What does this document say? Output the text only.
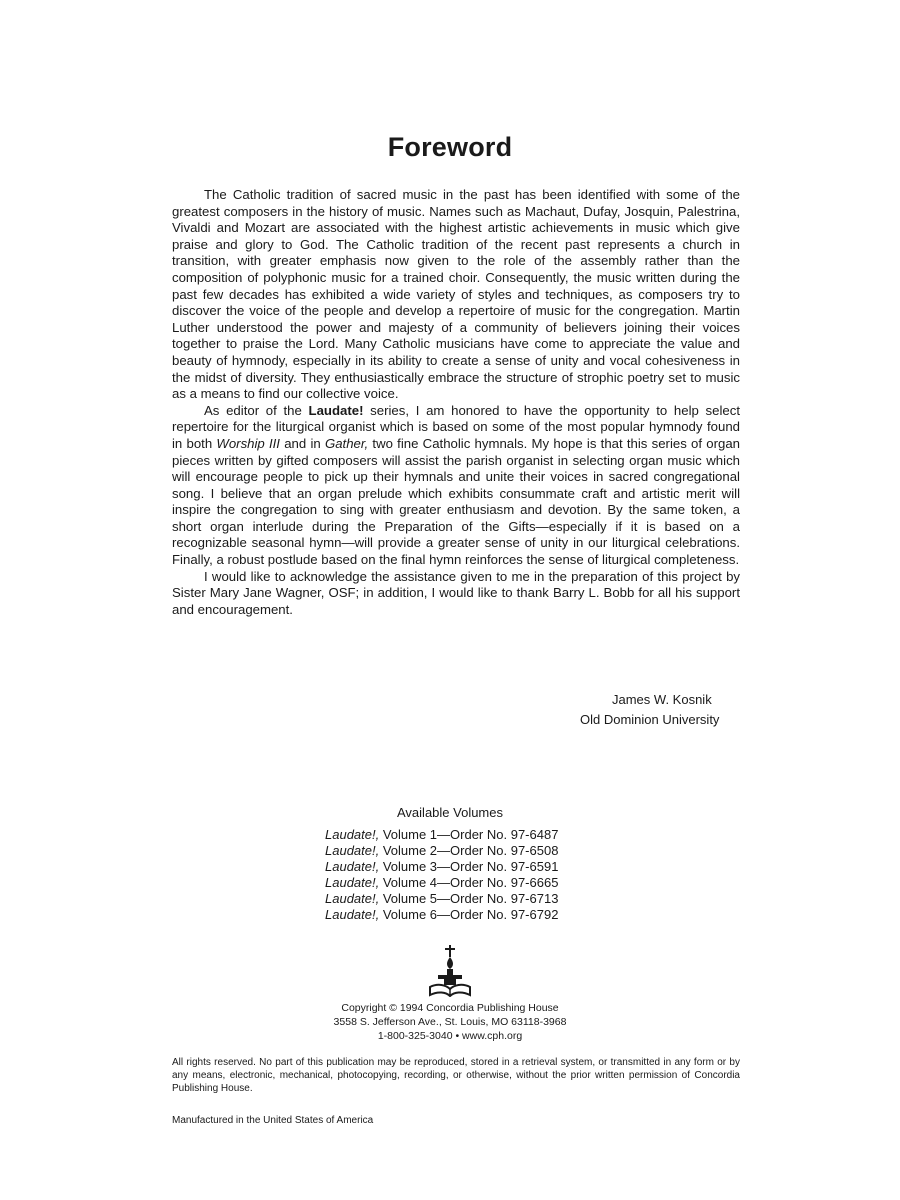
Foreword

The Catholic tradition of sacred music in the past has been identified with some of the greatest composers in the history of music. Names such as Machaut, Dufay, Josquin, Palestrina, Vivaldi and Mozart are associated with the highest artistic achievements in music which give praise and glory to God. The Catholic tradition of the recent past represents a church in transition, with greater emphasis now given to the role of the assembly rather than the composition of polyphonic music for a trained choir. Consequently, the music written during the past few decades has exhibited a wide variety of styles and techniques, as composers try to discover the voice of the people and develop a repertoire of music for the congregation. Martin Luther understood the power and majesty of a community of believers joining their voices together to praise the Lord. Many Catholic musicians have come to appreciate the value and beauty of hymnody, especially in its ability to create a sense of unity and vocal cohesiveness in the midst of diversity. They enthusiastically embrace the structure of strophic poetry set to music as a means to find our collective voice.

As editor of the Laudate! series, I am honored to have the opportunity to help select repertoire for the liturgical organist which is based on some of the most popular hymnody found in both Worship III and in Gather, two fine Catholic hymnals. My hope is that this series of organ pieces written by gifted composers will assist the parish organist in selecting organ music which will encourage people to pick up their hymnals and unite their voices in sacred congregational song. I believe that an organ prelude which exhibits consummate craft and artistic merit will inspire the congregation to sing with greater enthusiasm and devotion. By the same token, a short organ interlude during the Preparation of the Gifts—especially if it is based on a recognizable seasonal hymn—will provide a greater sense of unity in our liturgical celebrations. Finally, a robust postlude based on the final hymn reinforces the sense of liturgical completeness.

I would like to acknowledge the assistance given to me in the preparation of this project by Sister Mary Jane Wagner, OSF; in addition, I would like to thank Barry L. Bobb for all his support and encouragement.

James W. Kosnik
Old Dominion University
Available Volumes
Laudate!, Volume 1—Order No. 97-6487
Laudate!, Volume 2—Order No. 97-6508
Laudate!, Volume 3—Order No. 97-6591
Laudate!, Volume 4—Order No. 97-6665
Laudate!, Volume 5—Order No. 97-6713
Laudate!, Volume 6—Order No. 97-6792
Copyright © 1994 Concordia Publishing House
3558 S. Jefferson Ave., St. Louis, MO 63118-3968
1-800-325-3040 • www.cph.org
All rights reserved. No part of this publication may be reproduced, stored in a retrieval system, or transmitted in any form or by any means, electronic, mechanical, photocopying, recording, or otherwise, without the prior written permission of Concordia Publishing House.
Manufactured in the United States of America
